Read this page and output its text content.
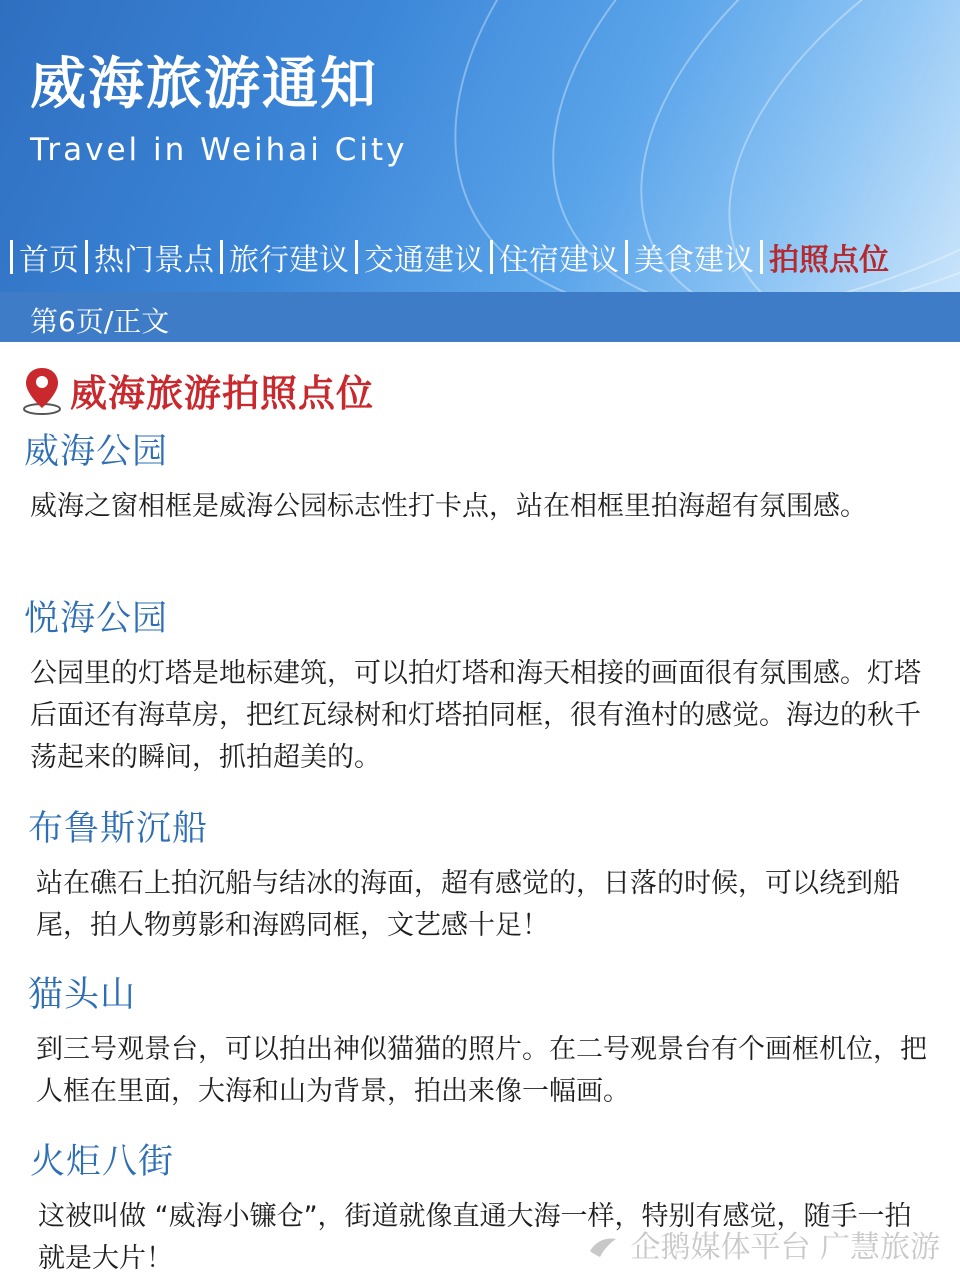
威海旅游通知
Travel in Weihai City
首页 热门景点 旅行建议 交通建议 住宿建议 美食建议 拍照点位
第6页/正文
威海旅游拍照点位
威海公园

威海之窗相框是威海公园标志性打卡点，站在相框里拍海超有氛围感。

悦海公园

公园里的灯塔是地标建筑，可以拍灯塔和海天相接的画面很有氛围感。灯塔后面还有海草房，把红瓦绿树和灯塔拍同框，很有渔村的感觉。海边的秋千荡起来的瞬间，抓拍超美的。

布鲁斯沉船

站在礁石上拍沉船与结冰的海面，超有感觉的，日落的时候，可以绕到船尾，拍人物剪影和海鸥同框，文艺感十足！

猫头山

到三号观景台，可以拍出神似猫猫的照片。在二号观景台有个画框机位，把人框在里面，大海和山为背景，拍出来像一幅画。

火炬八街

这被叫做 “威海小镰仓”，街道就像直通大海一样，特别有感觉，随手一拍就是大片！	企鹅媒体平台 广慧旅游
